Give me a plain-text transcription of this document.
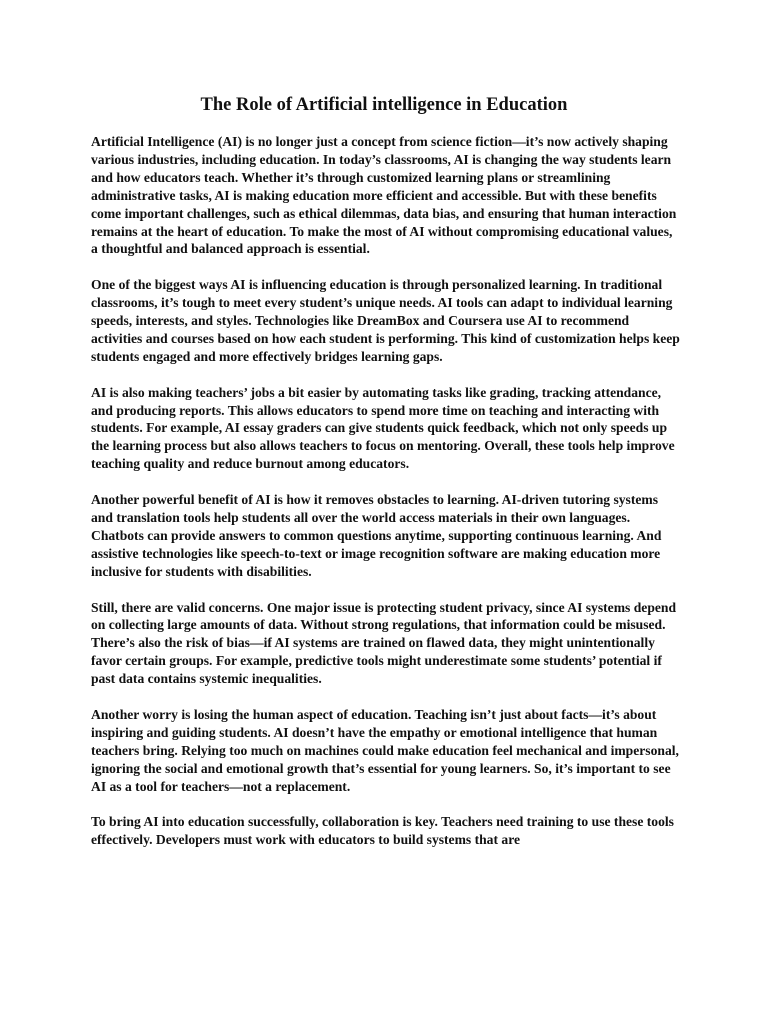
The Role of Artificial intelligence in Education

Artificial Intelligence (AI) is no longer just a concept from science fiction—it’s now actively shaping various industries, including education. In today’s classrooms, AI is changing the way students learn and how educators teach. Whether it’s through customized learning plans or streamlining administrative tasks, AI is making education more efficient and accessible. But with these benefits come important challenges, such as ethical dilemmas, data bias, and ensuring that human interaction remains at the heart of education. To make the most of AI without compromising educational values, a thoughtful and balanced approach is essential.

One of the biggest ways AI is influencing education is through personalized learning. In traditional classrooms, it’s tough to meet every student’s unique needs. AI tools can adapt to individual learning speeds, interests, and styles. Technologies like DreamBox and Coursera use AI to recommend activities and courses based on how each student is performing. This kind of customization helps keep students engaged and more effectively bridges learning gaps.

AI is also making teachers’ jobs a bit easier by automating tasks like grading, tracking attendance, and producing reports. This allows educators to spend more time on teaching and interacting with students. For example, AI essay graders can give students quick feedback, which not only speeds up the learning process but also allows teachers to focus on mentoring. Overall, these tools help improve teaching quality and reduce burnout among educators.

Another powerful benefit of AI is how it removes obstacles to learning. AI-driven tutoring systems and translation tools help students all over the world access materials in their own languages. Chatbots can provide answers to common questions anytime, supporting continuous learning. And assistive technologies like speech-to-text or image recognition software are making education more inclusive for students with disabilities.

Still, there are valid concerns. One major issue is protecting student privacy, since AI systems depend on collecting large amounts of data. Without strong regulations, that information could be misused. There’s also the risk of bias—if AI systems are trained on flawed data, they might unintentionally favor certain groups. For example, predictive tools might underestimate some students’ potential if past data contains systemic inequalities.

Another worry is losing the human aspect of education. Teaching isn’t just about facts—it’s about inspiring and guiding students. AI doesn’t have the empathy or emotional intelligence that human teachers bring. Relying too much on machines could make education feel mechanical and impersonal, ignoring the social and emotional growth that’s essential for young learners. So, it’s important to see AI as a tool for teachers—not a replacement.

To bring AI into education successfully, collaboration is key. Teachers need training to use these tools effectively. Developers must work with educators to build systems that are
